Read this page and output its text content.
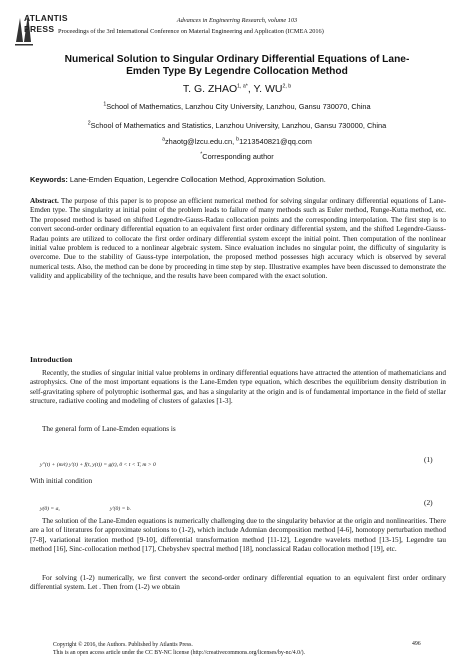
ATLANTIS
PRESS
Advances in Engineering Research, volume 103
Proceedings of the 3rd International Conference on Material Engineering and Application (ICMEA 2016)
Numerical Solution to Singular Ordinary Differential Equations of Lane-
Emden Type By Legendre Collocation Method
T. G. $ZHAO^{1, a*}$, Y. WU$^{2, b}$
$^1$School of Mathematics, Lanzhou City University, Lanzhou, Gansu 730070, China
$^2$School of Mathematics and Statistics, Lanzhou University, Lanzhou, Gansu 730000, China
$^a$zhaotg@lzcu.edu.cn, $^b$1213540821@qq.com
*Corresponding author
Keywords: Lane-Emden Equation, Legendre Collocation Method, Approximation Solution.
Abstract. The purpose of this paper is to propose an efficient numerical method for solving singular ordinary differential equations of Lane-Emden type. The singularity at initial point of the problem leads to failure of many methods such as Euler method, Runge-Kutta method, etc. The proposed method is based on shifted Legendre-Gauss-Radau collocation points and the corresponding interpolation. The first step is to convert second-order ordinary differential equation to an equivalent first order ordinary differential system, and the shifted Legendre-Gauss-Radau points are utilized to collocate the first order ordinary differential system except the initial point. Then computation of the nonlinear initial value problem is reduced to a nonlinear algebraic system. Since evaluation includes no singular point, the difficulty of singularity is overcome. Due to the stability of Gauss-type interpolation, the proposed method possesses high accuracy which is observed by several numerical tests. Also, the method can be done by proceeding in time step by step. Illustrative examples have been discussed to demonstrate the validity and applicability of the technique, and the results have been compared with the exact solution.
Introduction
Recently, the studies of singular initial value problems in ordinary differential equations have attracted the attention of mathematicians and astrophysics. One of the most important equations is the Lane-Emden type equation, which describes the equilibrium density distribution in self-gravitating sphere of polytrophic isothermal gas, and has a singularity at the origin and is of fundamental importance in the field of stellar structure, radiative cooling and modeling of clusters of galaxies [1-3].
The general form of Lane-Emden equations is
y''(t) + (m/t) y'(t) + f(t, y(t)) = g(t), 0 < t < T, m > 0
(1)
With initial condition
y(0) = a,	y'(0) = b.
(2)
The solution of the Lane-Emden equations is numerically challenging due to the singularity behavior at the origin and nonlinearities. There are a lot of literatures for approximate solutions to (1-2), which include Adomian decomposition method [4-6], homotopy perturbation method [7-8], variational iteration method [9-10], differential transformation method [11-12], Legendre wavelets method [13-15], Legendre tau method [16], Sinc-collocation method [17], Chebyshev spectral method [18], nonclassical Radau collocation method [19], etc.
For solving (1-2) numerically, we first convert the second-order ordinary differential equation to an equivalent first order ordinary differential system. Let . Then from (1-2) we obtain
Copyright © 2016, the Authors. Published by Atlantis Press.
This is an open access article under the CC BY-NC license (http://creativecommons.org/licenses/by-nc/4.0/).
496
